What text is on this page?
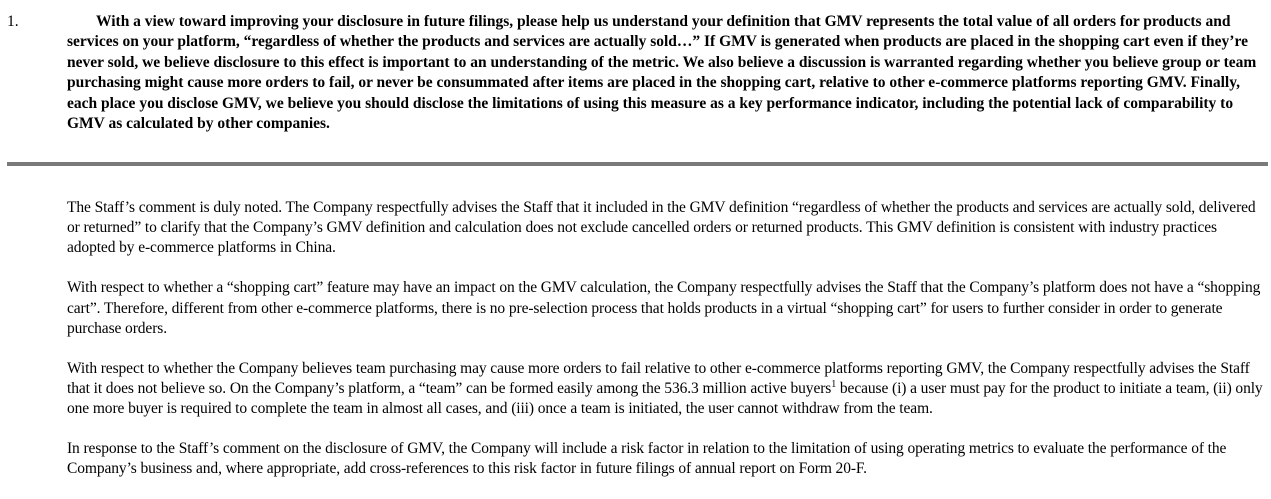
1.	With a view toward improving your disclosure in future filings, please help us understand your definition that GMV represents the total value of all orders for products and services on your platform, “regardless of whether the products and services are actually sold…” If GMV is generated when products are placed in the shopping cart even if they’re never sold, we believe disclosure to this effect is important to an understanding of the metric. We also believe a discussion is warranted regarding whether you believe group or team purchasing might cause more orders to fail, or never be consummated after items are placed in the shopping cart, relative to other e-commerce platforms reporting GMV. Finally, each place you disclose GMV, we believe you should disclose the limitations of using this measure as a key performance indicator, including the potential lack of comparability to GMV as calculated by other companies.

The Staff’s comment is duly noted. The Company respectfully advises the Staff that it included in the GMV definition “regardless of whether the products and services are actually sold, delivered or returned” to clarify that the Company’s GMV definition and calculation does not exclude cancelled orders or returned products. This GMV definition is consistent with industry practices adopted by e-commerce platforms in China.

With respect to whether a “shopping cart” feature may have an impact on the GMV calculation, the Company respectfully advises the Staff that the Company’s platform does not have a “shopping cart”. Therefore, different from other e-commerce platforms, there is no pre-selection process that holds products in a virtual “shopping cart” for users to further consider in order to generate purchase orders.

With respect to whether the Company believes team purchasing may cause more orders to fail relative to other e-commerce platforms reporting GMV, the Company respectfully advises the Staff that it does not believe so. On the Company’s platform, a “team” can be formed easily among the 536.3 million active buyers$^1$ because (i) a user must pay for the product to initiate a team, (ii) only one more buyer is required to complete the team in almost all cases, and (iii) once a team is initiated, the user cannot withdraw from the team.

In response to the Staff’s comment on the disclosure of GMV, the Company will include a risk factor in relation to the limitation of using operating metrics to evaluate the performance of the Company’s business and, where appropriate, add cross-references to this risk factor in future filings of annual report on Form 20-F.
